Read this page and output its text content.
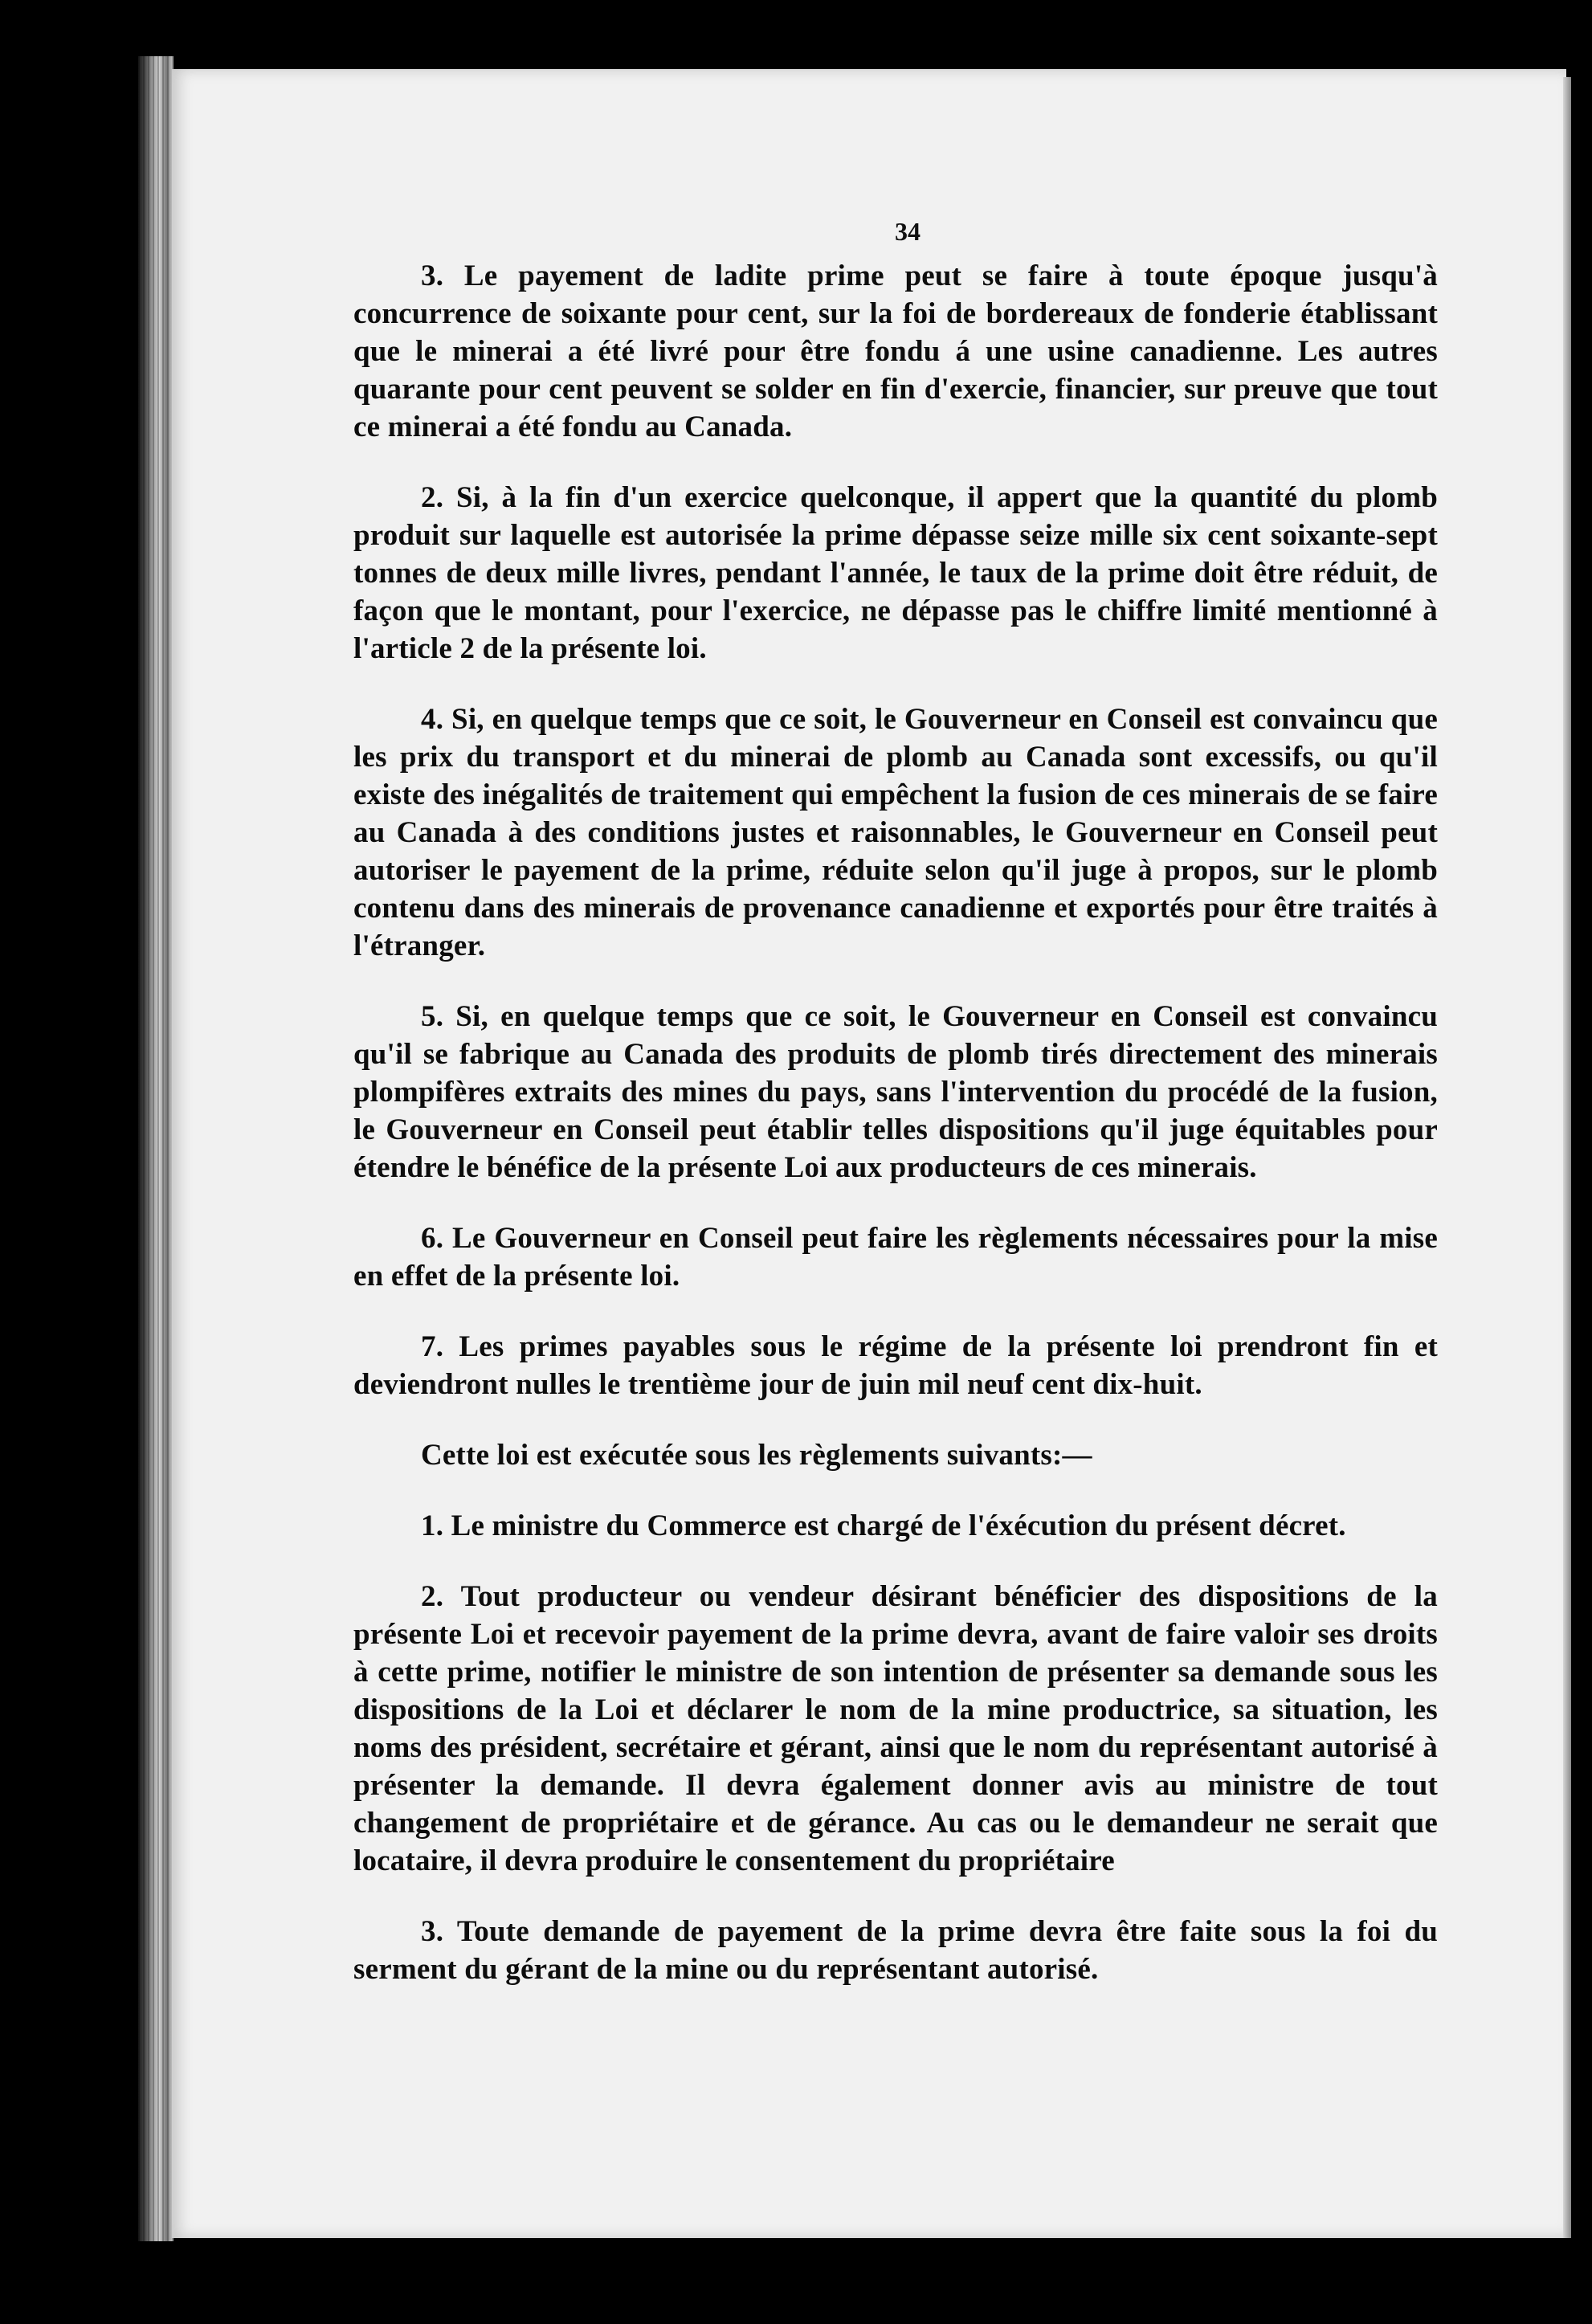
34

3. Le payement de ladite prime peut se faire à toute époque jusqu'à concurrence de soixante pour cent, sur la foi de bordereaux de fonderie établissant que le minerai a été livré pour être fondu á une usine canadienne. Les autres quarante pour cent peuvent se solder en fin d'exercie, financier, sur preuve que tout ce minerai a été fondu au Canada.

2. Si, à la fin d'un exercice quelconque, il appert que la quantité du plomb produit sur laquelle est autorisée la prime dépasse seize mille six cent soixante-sept tonnes de deux mille livres, pendant l'année, le taux de la prime doit être réduit, de façon que le montant, pour l'exercice, ne dépasse pas le chiffre limité mentionné à l'article 2 de la présente loi.

4. Si, en quelque temps que ce soit, le Gouverneur en Conseil est convaincu que les prix du transport et du minerai de plomb au Canada sont excessifs, ou qu'il existe des inégalités de traitement qui empêchent la fusion de ces minerais de se faire au Canada à des conditions justes et raisonnables, le Gouverneur en Conseil peut autoriser le payement de la prime, réduite selon qu'il juge à propos, sur le plomb contenu dans des minerais de provenance canadienne et exportés pour être traités à l'étranger.

5. Si, en quelque temps que ce soit, le Gouverneur en Conseil est convaincu qu'il se fabrique au Canada des produits de plomb tirés directement des minerais plompifères extraits des mines du pays, sans l'intervention du procédé de la fusion, le Gouverneur en Conseil peut établir telles dispositions qu'il juge équitables pour étendre le bénéfice de la présente Loi aux producteurs de ces minerais.

6. Le Gouverneur en Conseil peut faire les règlements nécessaires pour la mise en effet de la présente loi.

7. Les primes payables sous le régime de la présente loi prendront fin et deviendront nulles le trentième jour de juin mil neuf cent dix-huit.

Cette loi est exécutée sous les règlements suivants:—

1. Le ministre du Commerce est chargé de l'éxécution du présent décret.

2. Tout producteur ou vendeur désirant bénéficier des dispositions de la présente Loi et recevoir payement de la prime devra, avant de faire valoir ses droits à cette prime, notifier le ministre de son intention de présenter sa demande sous les dispositions de la Loi et déclarer le nom de la mine productrice, sa situation, les noms des président, secrétaire et gérant, ainsi que le nom du représentant autorisé à présenter la demande. Il devra également donner avis au ministre de tout changement de propriétaire et de gérance. Au cas ou le demandeur ne serait que locataire, il devra produire le consentement du propriétaire

3. Toute demande de payement de la prime devra être faite sous la foi du serment du gérant de la mine ou du représentant autorisé.
